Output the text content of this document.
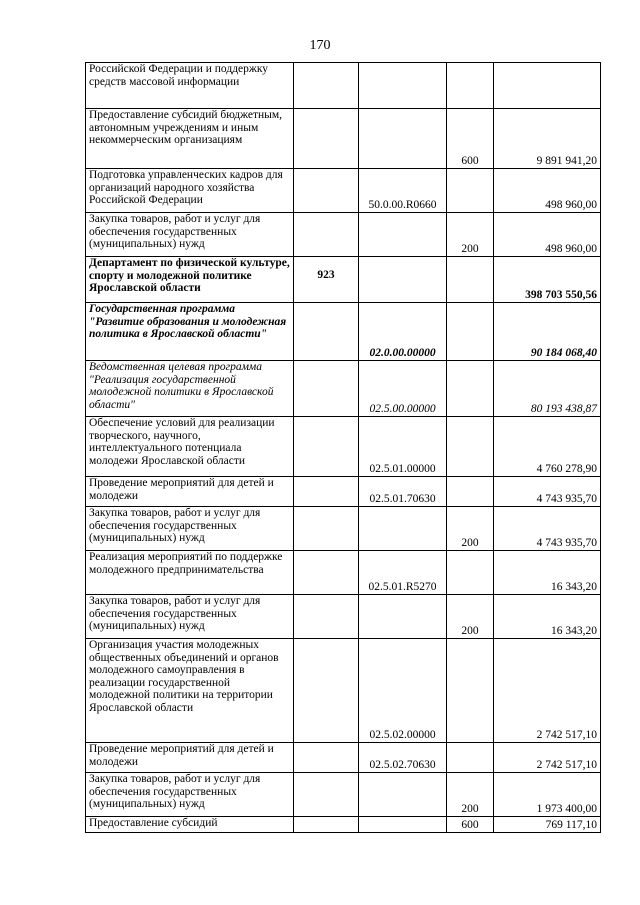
170
Российской Федерации и поддержку средств массовой информации				
Предоставление субсидий бюджетным, автономным учреждениям и иным некоммерческим организациям			600	9 891 941,20
Подготовка управленческих кадров для организаций народного хозяйства Российской Федерации		50.0.00.R0660		498 960,00
Закупка товаров, работ и услуг для обеспечения государственных (муниципальных) нужд			200	498 960,00
Департамент по физической культуре, спорту и молодежной политике Ярославской области	923			398 703 550,56
Государственная программа "Развитие образования и молодежная политика в Ярославской области"		02.0.00.00000		90 184 068,40
Ведомственная целевая программа "Реализация государственной молодежной политики в Ярославской области"		02.5.00.00000		80 193 438,87
Обеспечение условий для реализации творческого, научного, интеллектуального потенциала молодежи Ярославской области		02.5.01.00000		4 760 278,90
Проведение мероприятий для детей и молодежи		02.5.01.70630		4 743 935,70
Закупка товаров, работ и услуг для обеспечения государственных (муниципальных) нужд			200	4 743 935,70
Реализация мероприятий по поддержке молодежного предпринимательства		02.5.01.R5270		16 343,20
Закупка товаров, работ и услуг для обеспечения государственных (муниципальных) нужд			200	16 343,20
Организация участия молодежных общественных объединений и органов молодежного самоуправления в реализации государственной молодежной политики на территории Ярославской области		02.5.02.00000		2 742 517,10
Проведение мероприятий для детей и молодежи		02.5.02.70630		2 742 517,10
Закупка товаров, работ и услуг для обеспечения государственных (муниципальных) нужд			200	1 973 400,00
Предоставление субсидий			600	769 117,10
